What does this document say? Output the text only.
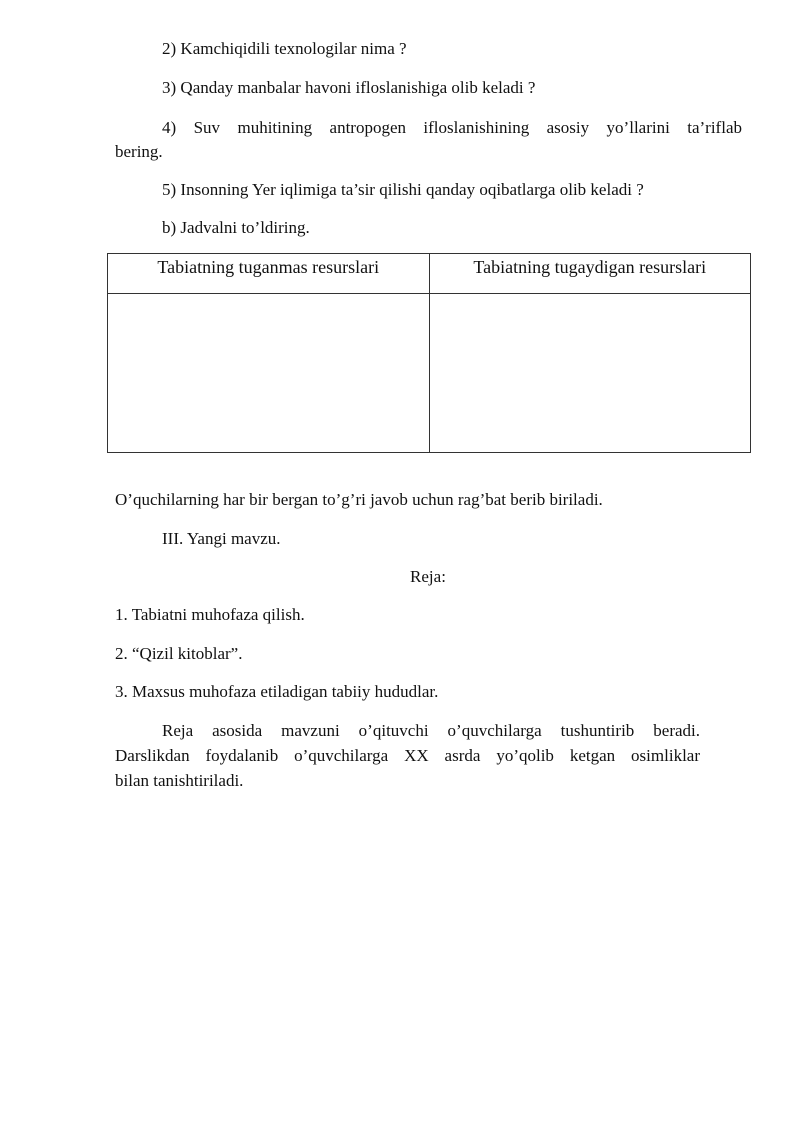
2) Kamchiqidili texnologilar nima ?
3) Qanday manbalar havoni ifloslanishiga olib keladi ?
4) Suv muhitining antropogen ifloslanishining asosiy yo’llarini ta’riflab
bering.
5) Insonning Yer iqlimiga ta’sir qilishi qanday oqibatlarga olib keladi ?
b) Jadvalni to’ldiring.
Tabiatning tuganmas resurslari	Tabiatning tugaydigan resurslari

O’quchilarning har bir bergan to’g’ri javob uchun rag’bat berib biriladi.
III. Yangi mavzu.
Reja:
1. Tabiatni muhofaza qilish.
2. “Qizil kitoblar”.
3. Maxsus muhofaza etiladigan tabiiy hududlar.
Reja asosida mavzuni o’qituvchi o’quvchilarga tushuntirib beradi.
Darslikdan foydalanib o’quvchilarga XX asrda yo’qolib ketgan osimliklar
bilan tanishtiriladi.
